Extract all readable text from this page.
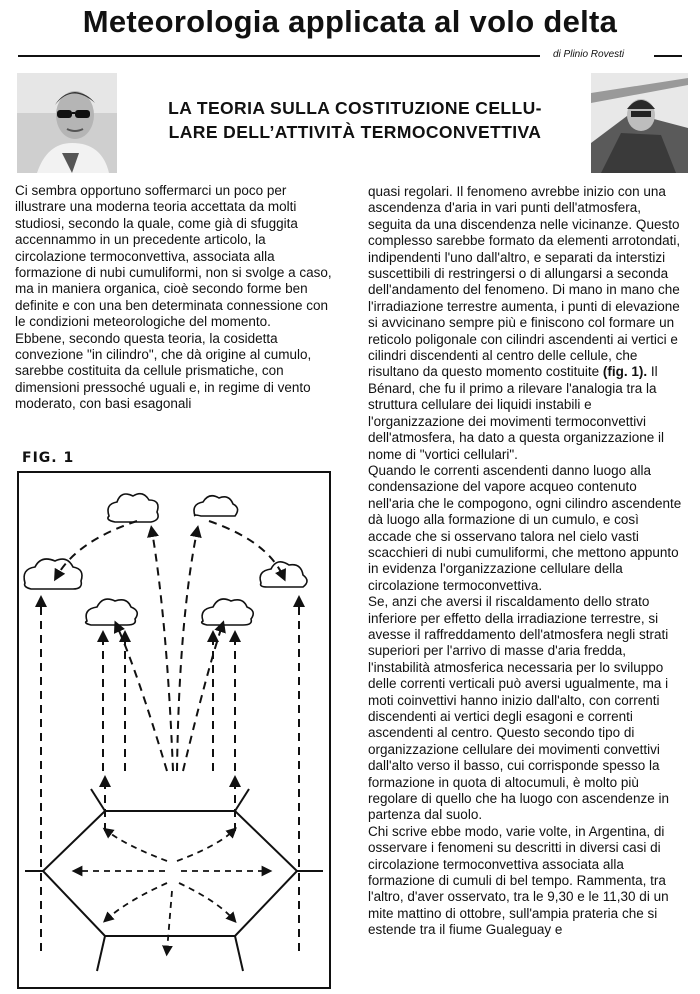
Meteorologia applicata al volo delta
di Plinio Rovesti
LA TEORIA SULLA COSTITUZIONE CELLU-
LARE DELL’ATTIVITÀ TERMOCONVETTIVA

Ci sembra opportuno soffermarci un poco per illustrare una moderna teoria accettata da molti studiosi, secondo la quale, come già di sfuggita accennammo in un precedente articolo, la circolazione termoconvettiva, associata alla formazione di nubi cumuliformi, non si svolge a caso, ma in maniera organica, cioè secondo forme ben definite e con una ben determinata connessione con le condizioni meteorologiche del momento.

Ebbene, secondo questa teoria, la cosidetta convezione "in cilindro", che dà origine al cumulo, sarebbe costituita da cellule prismatiche, con dimensioni pressoché uguali e, in regime di vento moderato, con basi esagonali

quasi regolari. Il fenomeno avrebbe inizio con una ascendenza d'aria in vari punti dell'atmosfera, seguita da una discendenza nelle vicinanze. Questo complesso sarebbe formato da elementi arrotondati, indipendenti l'uno dall'altro, e separati da interstizi suscettibili di restringersi o di allungarsi a seconda dell'andamento del fenomeno. Di mano in mano che l'irradiazione terrestre aumenta, i punti di elevazione si avvicinano sempre più e finiscono col formare un reticolo poligonale con cilindri ascendenti ai vertici e cilindri discendenti al centro delle cellule, che risultano da questo momento costituite (fig. 1). Il Bénard, che fu il primo a rilevare l'analogia tra la struttura cellulare dei liquidi instabili e l'organizzazione dei movimenti termoconvettivi dell'atmosfera, ha dato a questa organizzazione il nome di "vortici cellulari".

Quando le correnti ascendenti danno luogo alla condensazione del vapore acqueo contenuto nell'aria che le compogono, ogni cilindro ascendente dà luogo alla formazione di un cumulo, e così accade che si osservano talora nel cielo vasti scacchieri di nubi cumuliformi, che mettono appunto in evidenza l'organizzazione cellulare della circolazione termoconvettiva.

Se, anzi che aversi il riscaldamento dello strato inferiore per effetto della irradiazione terrestre, si avesse il raffreddamento dell'atmosfera negli strati superiori per l'arrivo di masse d'aria fredda, l'instabilità atmosferica necessaria per lo sviluppo delle correnti verticali può aversi ugualmente, ma i moti coinvettivi hanno inizio dall'alto, con correnti discendenti ai vertici degli esagoni e correnti ascendenti al centro. Questo secondo tipo di organizzazione cellulare dei movimenti convettivi dall'alto verso il basso, cui corrisponde spesso la formazione in quota di altocumuli, è molto più regolare di quello che ha luogo con ascendenze in partenza dal suolo.

Chi scrive ebbe modo, varie volte, in Argentina, di osservare i fenomeni su descritti in diversi casi di circolazione termoconvettiva associata alla formazione di cumuli di bel tempo. Rammenta, tra l'altro, d'aver osservato, tra le 9,30 e le 11,30 di un mite mattino di ottobre, sull'ampia prateria che si estende tra il fiume Gualeguay e

FIG. 1
